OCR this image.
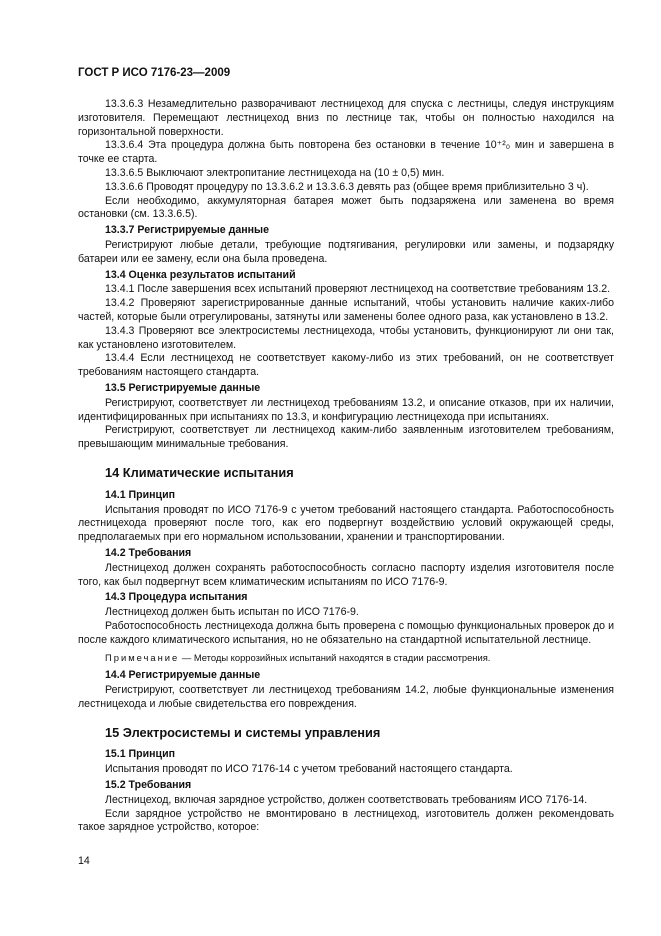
ГОСТ Р ИСО 7176-23—2009
13.3.6.3 Незамедлительно разворачивают лестницеход для спуска с лестницы, следуя инструкциям изготовителя. Перемещают лестницеход вниз по лестнице так, чтобы он полностью находился на горизонтальной поверхности.
13.3.6.4 Эта процедура должна быть повторена без остановки в течение 10⁺²₀ мин и завершена в точке ее старта.
13.3.6.5 Выключают электропитание лестницехода на (10 ± 0,5) мин.
13.3.6.6 Проводят процедуру по 13.3.6.2 и 13.3.6.3 девять раз (общее время приблизительно 3 ч).
Если необходимо, аккумуляторная батарея может быть подзаряжена или заменена во время остановки (см. 13.3.6.5).
13.3.7 Регистрируемые данные
Регистрируют любые детали, требующие подтягивания, регулировки или замены, и подзарядку батареи или ее замену, если она была проведена.
13.4 Оценка результатов испытаний
13.4.1 После завершения всех испытаний проверяют лестницеход на соответствие требованиям 13.2.
13.4.2 Проверяют зарегистрированные данные испытаний, чтобы установить наличие каких-либо частей, которые были отрегулированы, затянуты или заменены более одного раза, как установлено в 13.2.
13.4.3 Проверяют все электросистемы лестницехода, чтобы установить, функционируют ли они так, как установлено изготовителем.
13.4.4 Если лестницеход не соответствует какому-либо из этих требований, он не соответствует требованиям настоящего стандарта.
13.5 Регистрируемые данные
Регистрируют, соответствует ли лестницеход требованиям 13.2, и описание отказов, при их наличии, идентифицированных при испытаниях по 13.3, и конфигурацию лестницехода при испытаниях.
Регистрируют, соответствует ли лестницеход каким-либо заявленным изготовителем требованиям, превышающим минимальные требования.
14 Климатические испытания
14.1 Принцип
Испытания проводят по ИСО 7176-9 с учетом требований настоящего стандарта. Работоспособность лестницехода проверяют после того, как его подвергнут воздействию условий окружающей среды, предполагаемых при его нормальном использовании, хранении и транспортировании.
14.2 Требования
Лестницеход должен сохранять работоспособность согласно паспорту изделия изготовителя после того, как был подвергнут всем климатическим испытаниям по ИСО 7176-9.
14.3 Процедура испытания
Лестницеход должен быть испытан по ИСО 7176-9.
Работоспособность лестницехода должна быть проверена с помощью функциональных проверок до и после каждого климатического испытания, но не обязательно на стандартной испытательной лестнице.
Примечание — Методы коррозийных испытаний находятся в стадии рассмотрения.
14.4 Регистрируемые данные
Регистрируют, соответствует ли лестницеход требованиям 14.2, любые функциональные изменения лестницехода и любые свидетельства его повреждения.
15 Электросистемы и системы управления
15.1 Принцип
Испытания проводят по ИСО 7176-14 с учетом требований настоящего стандарта.
15.2 Требования
Лестницеход, включая зарядное устройство, должен соответствовать требованиям ИСО 7176-14.
Если зарядное устройство не вмонтировано в лестницеход, изготовитель должен рекомендовать такое зарядное устройство, которое:
14
